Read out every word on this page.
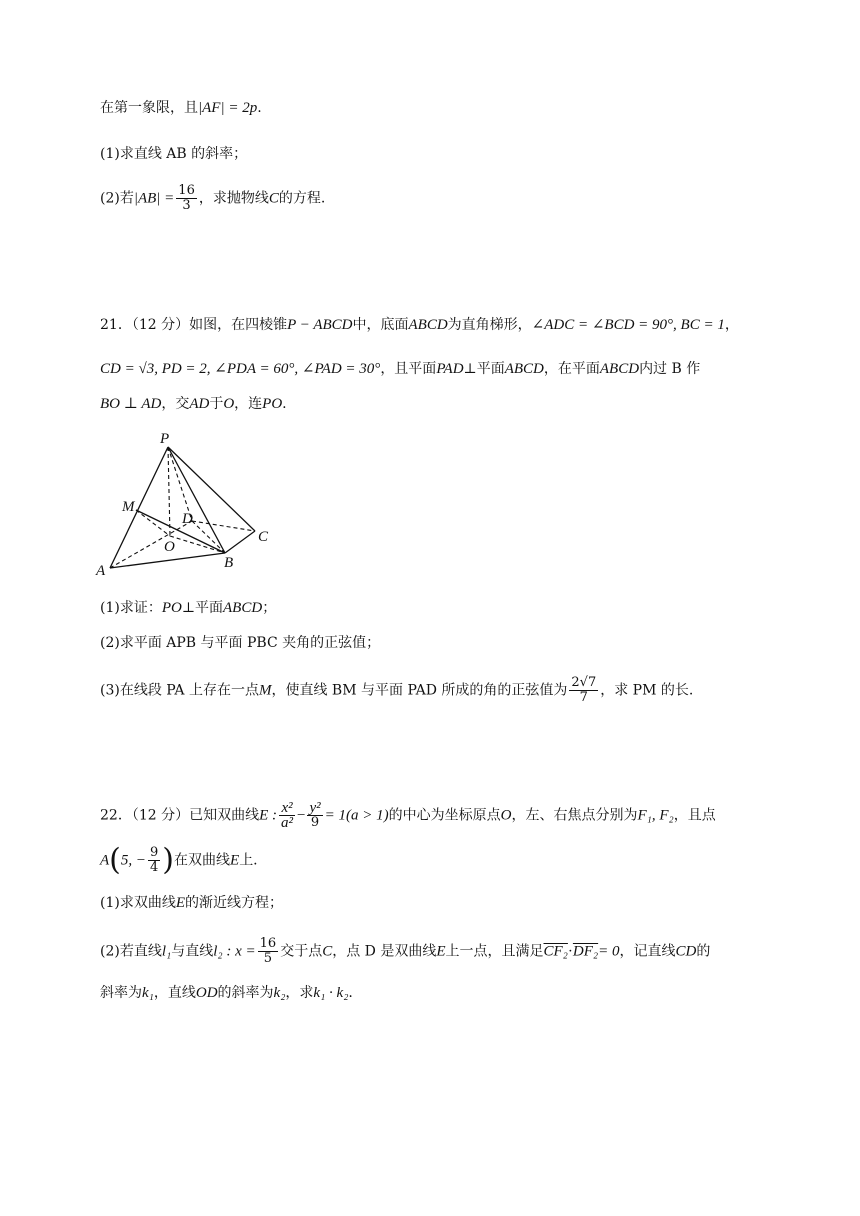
在第一象限，且|AF| = 2p.
(1)求直线 AB 的斜率；
(2)若$|AB| = \frac{16}{3}$ ，求抛物线C的方程.
21．（12 分）如图，在四棱锥P − ABCD中，底面ABCD为直角梯形，∠ADC = ∠BCD = 90°, BC = 1，
CD = √3, PD = 2, ∠PDA = 60°, ∠PAD = 30°，且平面PAD⊥平面ABCD，在平面ABCD内过 B 作
BO ⊥ AD，交AD于O，连PO.
P
M
D
O
C
A	B
(1)求证：PO⊥平面ABCD；
(2)求平面 APB 与平面 PBC 夹角的正弦值；
(3)在线段 PA 上存在一点M，使直线 BM 与平面 PAD 所成的角的正弦值为 $\frac{2√7}{7}$ ，求 PM 的长.
22．（12 分）已知双曲线E : $\frac{\text{x²}}{\text{a²}} - \frac{\text{y²}}{9} = 1(a > 1)$的中心为坐标原点O，左、右焦点分别为F₁, F₂，且点
A(5, − $\frac{9}{4}$ )在双曲线E上.
(1)求双曲线E的渐近线方程；
(2)若直线l₁与直线l₂ : $x = \frac{16}{5}$ 交于点C，点 D 是双曲线E上一点，且满足CF₂·DF₂= 0，记直线CD的
斜率为k₁，直线OD的斜率为k₂，求k₁ · k₂.
